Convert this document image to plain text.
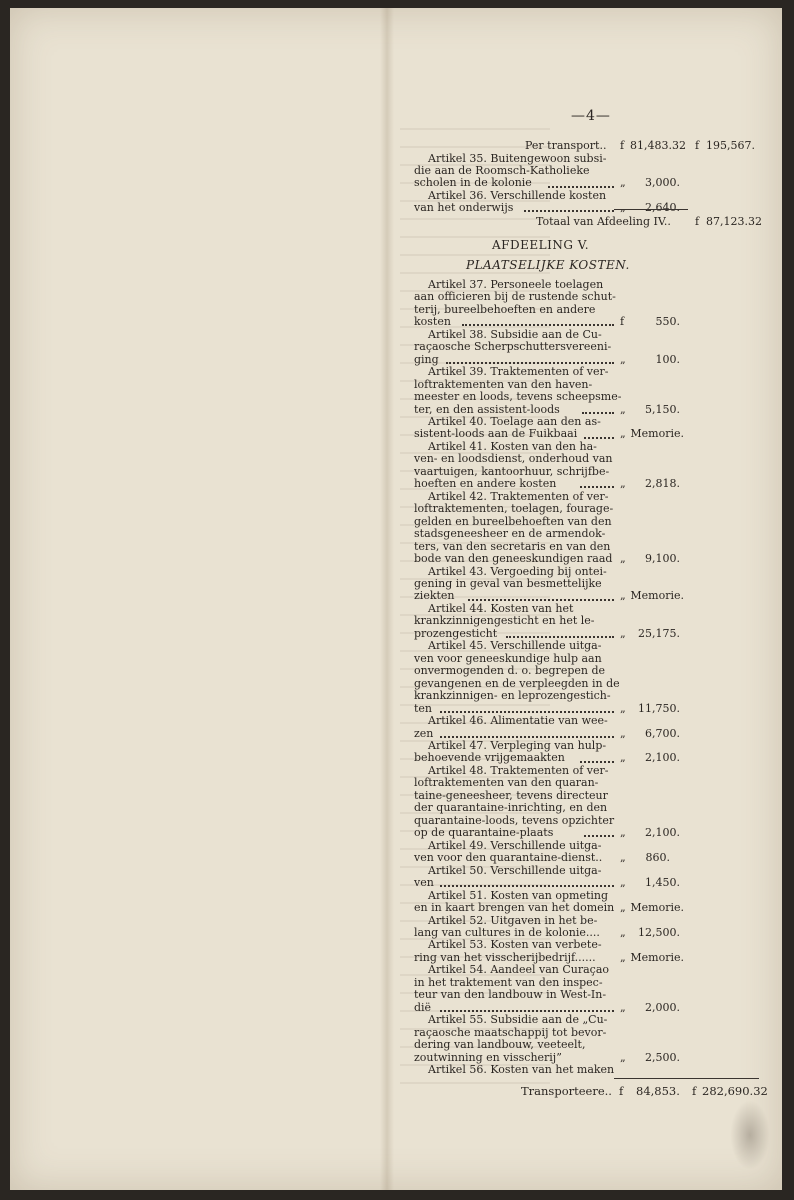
—4—
Per transport.. f 81,483.32 f 195,567.
Artikel 35. Buitengewoon subsi-
die aan de Roomsch-Katholieke
scholen in de kolonie	„	3,000.
Artikel 36. Verschillende kosten
van het onderwijs	„	2,640.
Totaal van Afdeeling IV.. f 87,123.32
AFDEELING V.
PLAATSELIJKE KOSTEN.
Artikel 37. Personeele toelagen
aan officieren bij de rustende schut-
terij, bureelbehoeften en andere
kosten	f	550.
Artikel 38. Subsidie aan de Cu-
raçaosche Scherpschuttersvereeni-
ging	„	100.
Artikel 39. Traktementen of ver-
loftraktementen van den haven-
meester en loods, tevens scheepsme-
ter, en den assistent-loods	„	5,150.
Artikel 40. Toelage aan den as-
sistent-loods aan de Fuikbaai	„ Memorie.
Artikel 41. Kosten van den ha-
ven- en loodsdienst, onderhoud van
vaartuigen, kantoorhuur, schrijfbe-
hoeften en andere kosten	„	2,818.
Artikel 42. Traktementen of ver-
loftraktementen, toelagen, fourage-
gelden en bureelbehoeften van den
stadsgeneesheer en de armendok-
ters, van den secretaris en van den
bode van den geneeskundigen raad „	9,100.
Artikel 43. Vergoeding bij ontei-
gening in geval van besmettelijke
ziekten	„ Memorie.
Artikel 44. Kosten van het
krankzinnigengesticht en het le-
prozengesticht	„	25,175.
Artikel 45. Verschillende uitga-
ven voor geneeskundige hulp aan
onvermogenden d. o. begrepen de
gevangenen en de verpleegden in de
krankzinnigen- en leprozengestich-
ten	„	11,750.
Artikel 46. Alimentatie van wee-
zen	„	6,700.
Artikel 47. Verpleging van hulp-
behoevende vrijgemaakten	„	2,100.
Artikel 48. Traktementen of ver-
loftraktementen van den quaran-
taine-geneesheer, tevens directeur
der quarantaine-inrichting, en den
quarantaine-loods, tevens opzichter
op de quarantaine-plaats	„	2,100.
Artikel 49. Verschillende uitga-
ven voor den quarantaine-dienst.. „	860.
Artikel 50. Verschillende uitga-
ven	„	1,450.
Artikel 51. Kosten van opmeting
en in kaart brengen van het domein „ Memorie.
Artikel 52. Uitgaven in het be-
lang van cultures in de kolonie.... „	12,500.
Artikel 53. Kosten van verbete-
ring van het visscherijbedrijf...... „ Memorie.
Artikel 54. Aandeel van Curaçao
in het traktement van den inspec-
teur van den landbouw in West-In-
dië	„	2,000.
Artikel 55. Subsidie aan de „Cu-
raçaosche maatschappij tot bevor-
dering van landbouw, veeteelt,
zoutwinning en visscherij”	„	2,500.
Artikel 56. Kosten van het maken
Transporteere.. f 84,853. f 282,690.32
